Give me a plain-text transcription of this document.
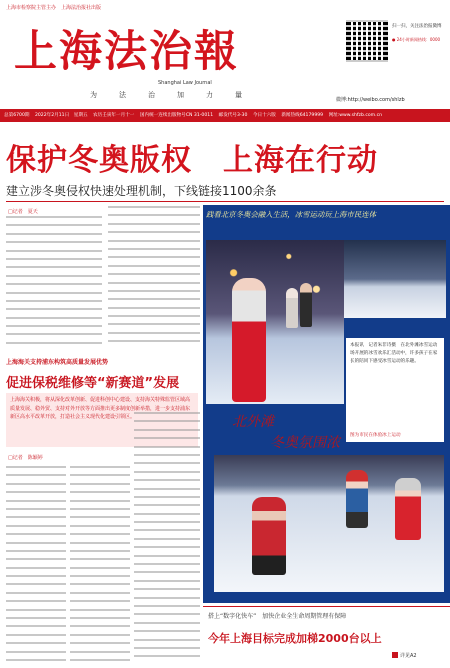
上海市检察院主管主办　上海法治报社出版
上海法治報
Shanghai Law Journal
为法治加力量
扫一扫，关注法治报微博
● 24小时新闻热线：0000
微博:http://weibo.com/shlzb
总第6700期 2022年2月11日　星期五 农历壬寅年一月十一 国内统一连续出版物号CN 31-0011 邮发代号3-30 今日十六版 新闻热线64179999 网址:www.shfzb.com.cn
保护冬奥版权　上海在行动
建立涉冬奥侵权快速处理机制，下线链接1100余条
□记者　夏天
上海海关支持浦东构筑高质量发展优势
促进保税维修等“新赛道”发展
上海海关积极，将从深化改革创新、促进科创中心建设、支持海关特殊监管区域高质量发展、稳外贸、支持对外开放等方面推出更多制度创新举措，进一步支持浦东新区高水平改革开放，打造社会主义现代化建设引领区。
□记者　陈颖婷
践看北京冬奥会融入生活，冰雪运动玩上海市民连体
本报讯　记者朱非诗摄　在北外滩冰雪运动场开展的冰雪欢乐汇活动中，许多孩子在家长的陪同下感受冰雪运动的乐趣。
图为市民在体验冰上运动
北外滩
冬奥氛围浓
搭上“数字化快车”　加快企业全生命周期管理有保障
今年上海目标完成加梯2000台以上
详见A2
